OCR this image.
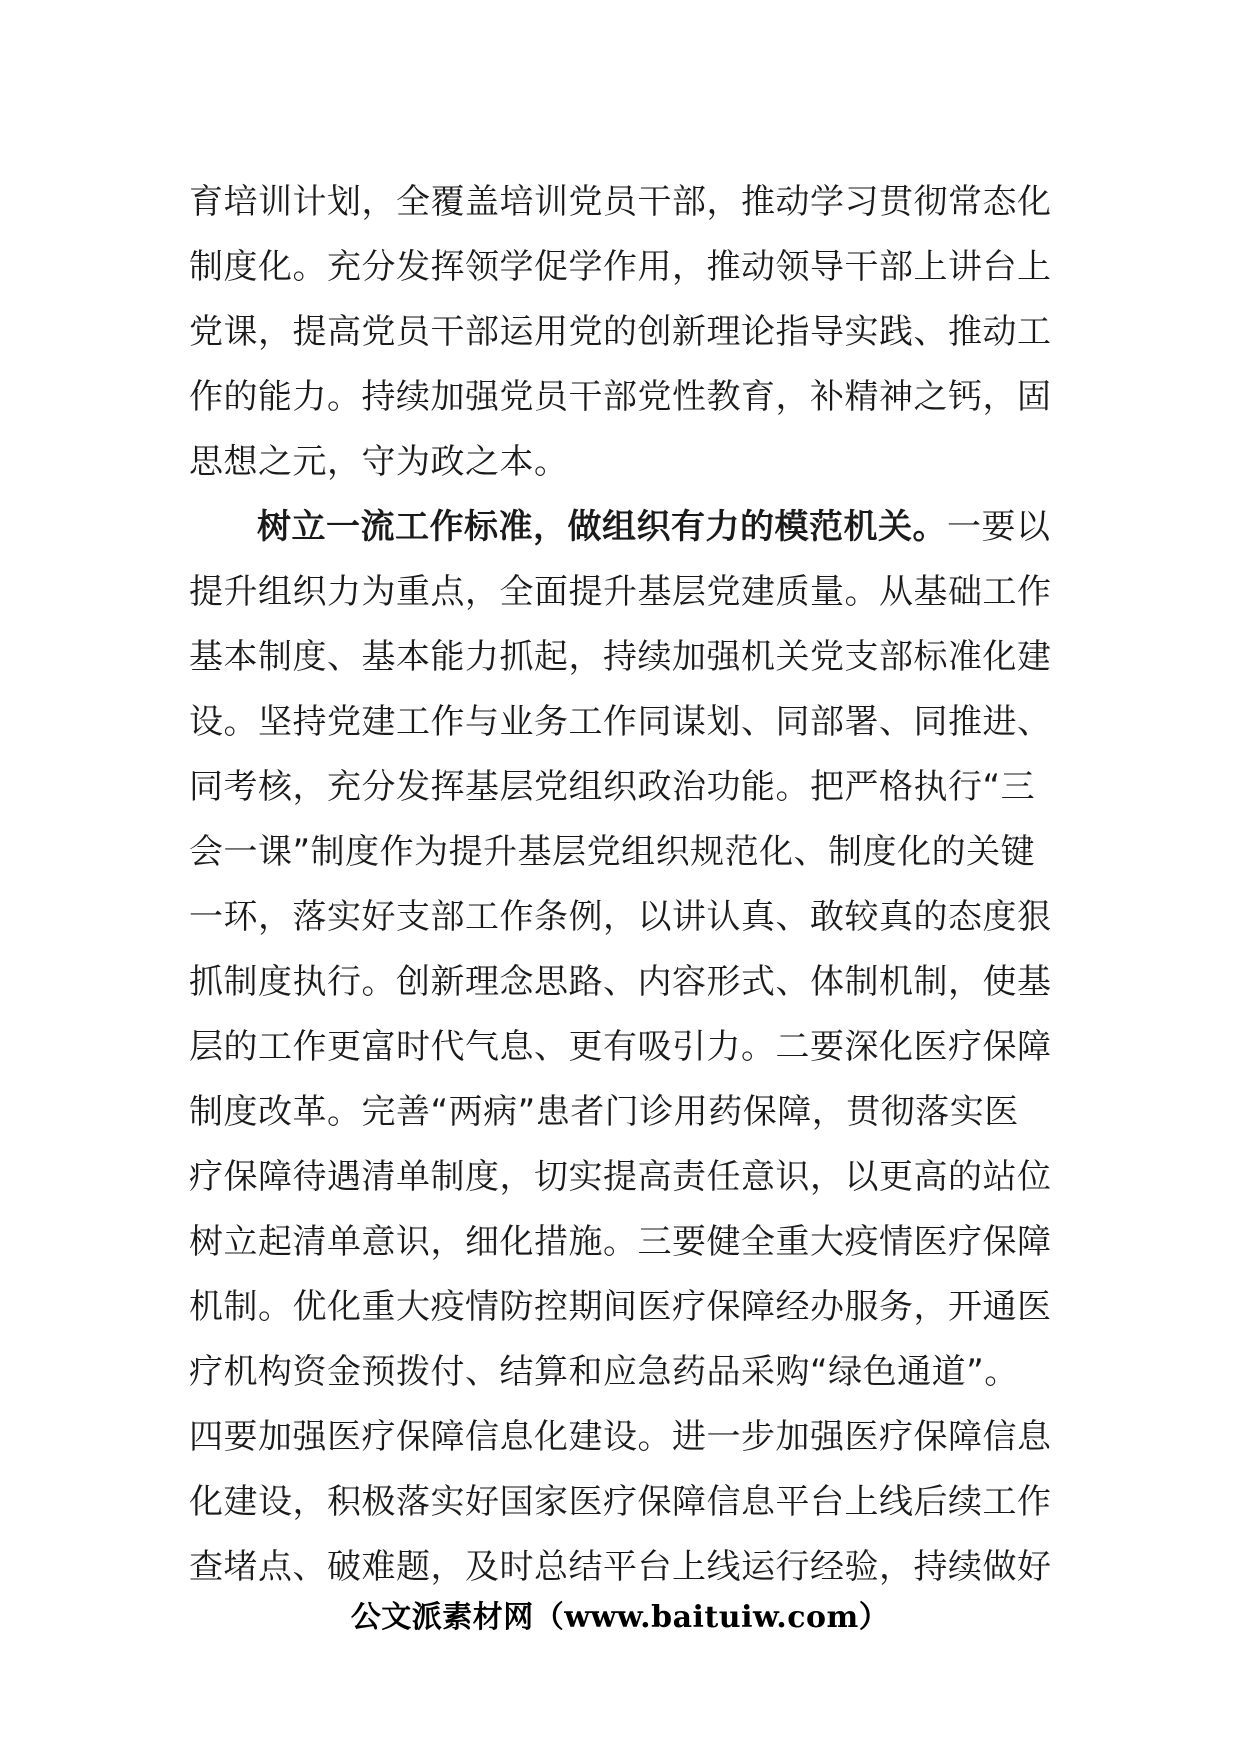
育培训计划，全覆盖培训党员干部，推动学习贯彻常态化
制度化。充分发挥领学促学作用，推动领导干部上讲台上
党课，提高党员干部运用党的创新理论指导实践、推动工
作的能力。持续加强党员干部党性教育，补精神之钙，固
思想之元，守为政之本。
树立一流工作标准，做组织有力的模范机关。一要以
提升组织力为重点，全面提升基层党建质量。从基础工作
基本制度、基本能力抓起，持续加强机关党支部标准化建
设。坚持党建工作与业务工作同谋划、同部署、同推进、
同考核，充分发挥基层党组织政治功能。把严格执行“三
会一课”制度作为提升基层党组织规范化、制度化的关键
一环，落实好支部工作条例，以讲认真、敢较真的态度狠
抓制度执行。创新理念思路、内容形式、体制机制，使基
层的工作更富时代气息、更有吸引力。二要深化医疗保障
制度改革。完善“两病”患者门诊用药保障，贯彻落实医
疗保障待遇清单制度，切实提高责任意识，以更高的站位
树立起清单意识，细化措施。三要健全重大疫情医疗保障
机制。优化重大疫情防控期间医疗保障经办服务，开通医
疗机构资金预拨付、结算和应急药品采购“绿色通道”。
四要加强医疗保障信息化建设。进一步加强医疗保障信息
化建设，积极落实好国家医疗保障信息平台上线后续工作
查堵点、破难题，及时总结平台上线运行经验，持续做好
公文派素材网（www.baituiw.com）
